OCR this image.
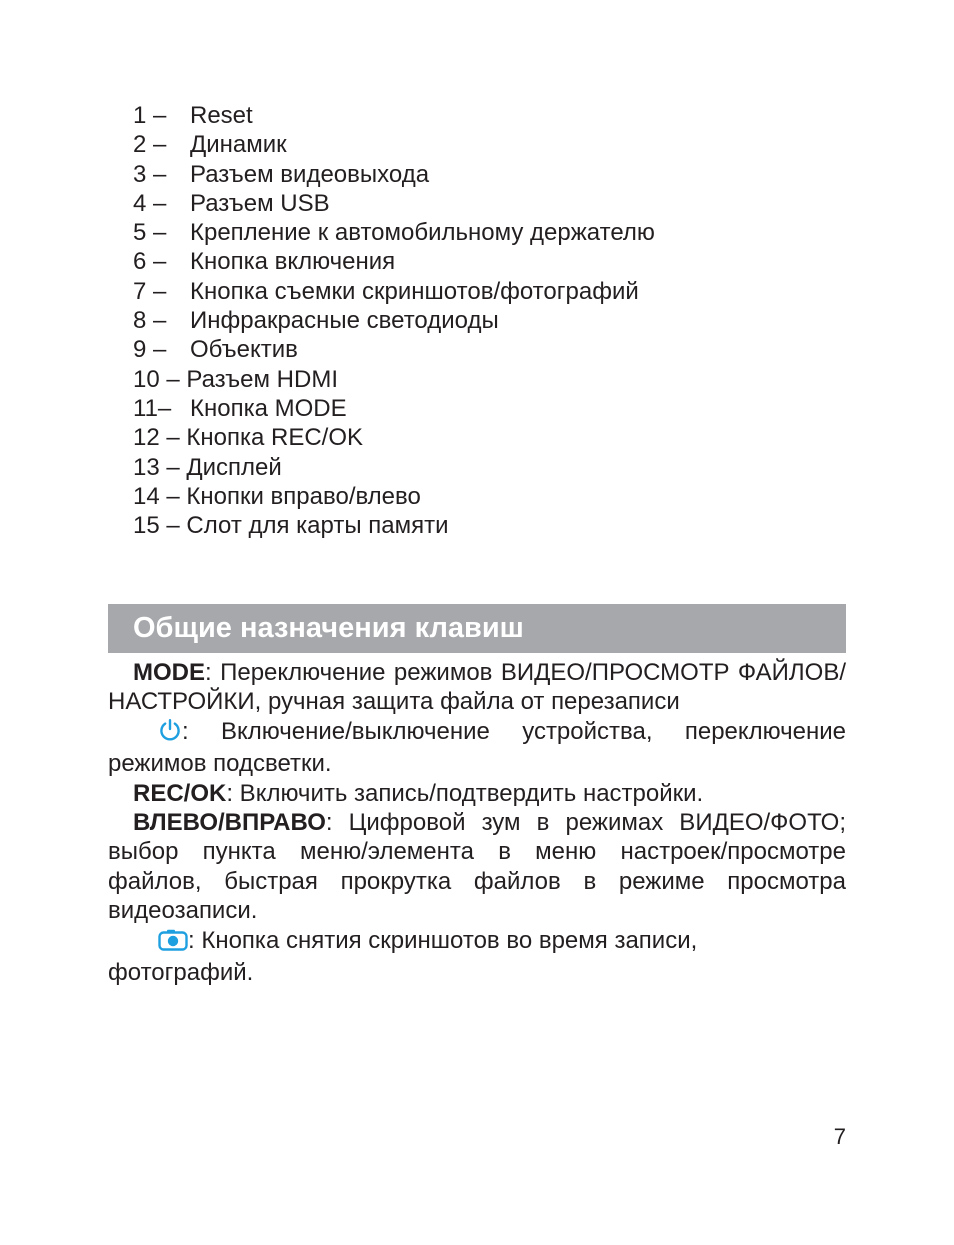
1 – Reset
2 – Динамик
3 – Разъем видеовыхода
4 – Разъем USB
5 – Крепление к автомобильному держателю
6 – Кнопка включения
7 – Кнопка съемки скриншотов/фотографий
8 – Инфракрасные светодиоды
9 – Объектив
10 – Разъем HDMI
11– Кнопка MODE
12 – Кнопка REC/OK
13 – Дисплей
14 – Кнопки вправо/влево
15 – Слот для карты памяти
Общие назначения клавиш

MODE: Переключение режимов ВИДЕО/ПРОСМОТР ФАЙЛОВ/НАСТРОЙКИ, ручная защита файла от перезаписи

: Включение/выключение устройства, переключение режимов подсветки.

REC/OK: Включить запись/подтвердить настройки.

ВЛЕВО/ВПРАВО: Цифровой зум в режимах ВИДЕО/ФОТО; выбор пункта меню/элемента в меню настроек/просмотре файлов, быстрая прокрутка файлов в режиме просмотра видеозаписи.

: Кнопка снятия скриншотов во время записи, фотографий.

7
